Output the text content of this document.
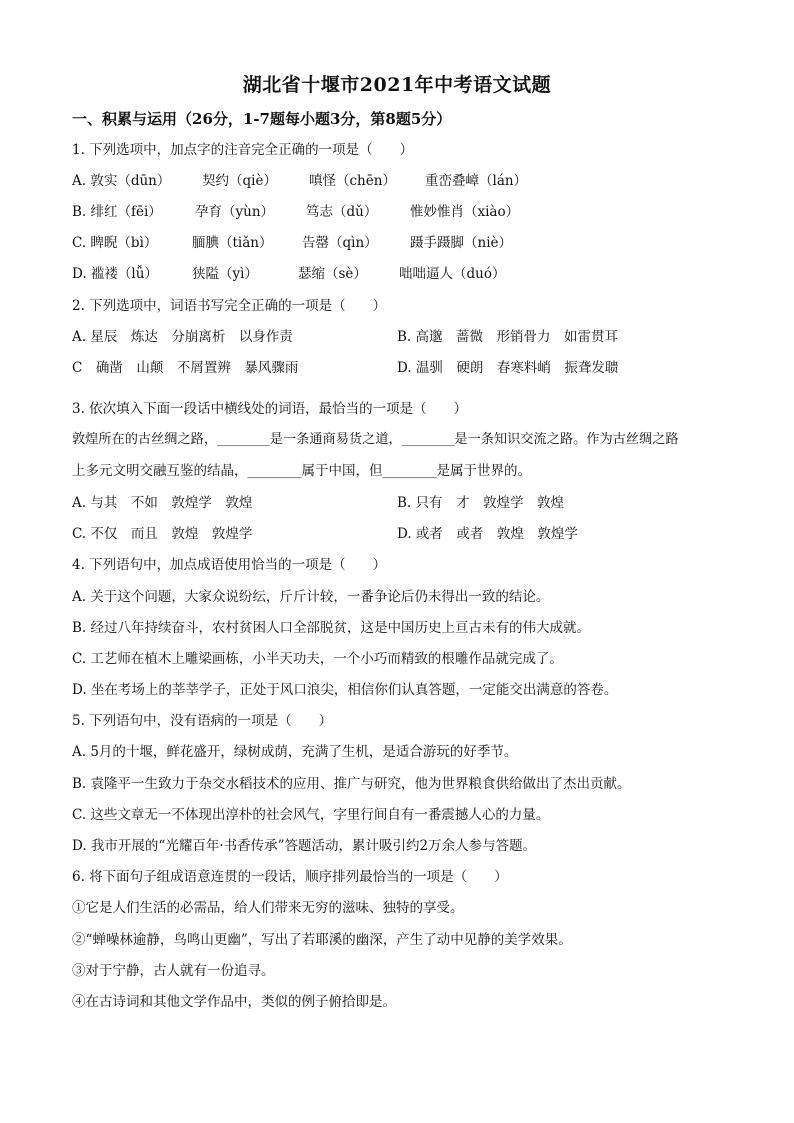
湖北省十堰市2021年中考语文试题
一、积累与运用（26分，1-7题每小题3分，第8题5分）
1. 下列选项中，加点字的注音完全正确的一项是（　　）
A. 敦实（dūn） 契约（qiè） 嗔怪（chēn） 重峦叠嶂（lán）
B. 绯红（fēi） 孕育（yùn） 笃志（dǔ） 惟妙惟肖（xiào）
C. 睥睨（bì）	腼腆（tiǎn） 告罄（qìn） 蹑手蹑脚（niè）
D. 褴褛（lǚ）	狭隘（yì）	瑟缩（sè） 咄咄逼人（duó）
2. 下列选项中，词语书写完全正确的一项是（　　）
A. 星辰　炼达　分崩离析　以身作责	B. 高邈　蔷微　形销骨力　如雷贯耳
C　确凿　山颠　不屑置辨　暴风骤雨	D. 温驯　硬朗　春寒料峭　振聋发聩
3. 依次填入下面一段话中横线处的词语，最恰当的一项是（　　）
敦煌所在的古丝绸之路，________是一条通商易货之道，________是一条知识交流之路。作为古丝绸之路
上多元文明交融互鉴的结晶，________属于中国，但________是属于世界的。
A. 与其　不如　敦煌学　敦煌	B. 只有　才　敦煌学　敦煌
C. 不仅　而且　敦煌　敦煌学	D. 或者　或者　敦煌　敦煌学
4. 下列语句中，加点成语使用恰当的一项是（　　）
A. 关于这个问题，大家众说纷纭，斤斤计较，一番争论后仍未得出一致的结论。
B. 经过八年持续奋斗，农村贫困人口全部脱贫，这是中国历史上亘古未有的伟大成就。
C. 工艺师在植木上雕梁画栋，小半天功夫，一个小巧而精致的根雕作品就完成了。
D. 坐在考场上的莘莘学子，正处于风口浪尖，相信你们认真答题，一定能交出满意的答卷。
5. 下列语句中，没有语病的一项是（　　）
A. 5月的十堰，鲜花盛开，绿树成荫，充满了生机，是适合游玩的好季节。
B. 袁隆平一生致力于杂交水稻技术的应用、推广与研究，他为世界粮食供给做出了杰出贡献。
C. 这些文章无一不体现出淳朴的社会风气，字里行间自有一番震撼人心的力量。
D. 我市开展的“光耀百年·书香传承”答题活动，累计吸引约2万余人参与答题。
6. 将下面句子组成语意连贯的一段话，顺序排列最恰当的一项是（　　）
①它是人们生活的必需品，给人们带来无穷的滋味、独特的享受。
②“蝉噪林逾静，鸟鸣山更幽”，写出了若耶溪的幽深，产生了动中见静的美学效果。
③对于宁静，古人就有一份追寻。
④在古诗词和其他文学作品中，类似的例子俯拾即是。
